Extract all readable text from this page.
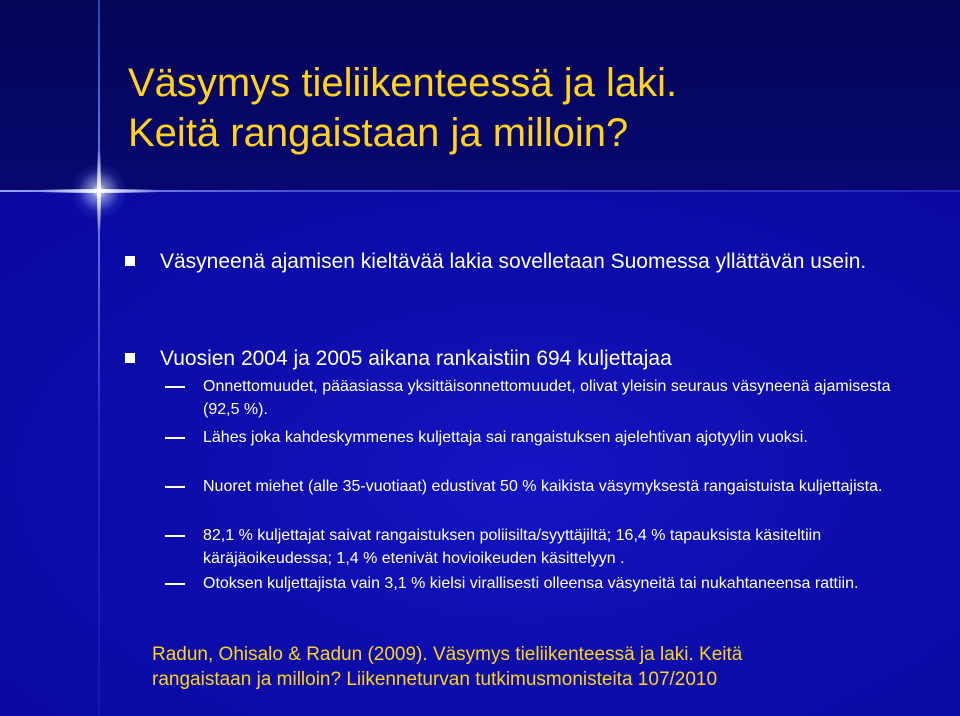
Väsymys tieliikenteessä ja laki.
Keitä rangaistaan ja milloin?
Väsyneenä ajamisen kieltävää lakia sovelletaan Suomessa yllättävän usein.
Vuosien 2004 ja 2005 aikana rankaistiin 694 kuljettajaa
Onnettomuudet, pääasiassa yksittäisonnettomuudet, olivat yleisin seuraus väsyneenä ajamisesta (92,5 %).
Lähes joka kahdeskymmenes kuljettaja sai rangaistuksen ajelehtivan ajotyylin vuoksi.
Nuoret miehet (alle 35-vuotiaat) edustivat 50 % kaikista väsymyksestä rangaistuista kuljettajista.
82,1 % kuljettajat saivat rangaistuksen poliisilta/syyttäjiltä; 16,4 % tapauksista käsiteltiin käräjäoikeudessa; 1,4 % etenivät hovioikeuden käsittelyyn .
Otoksen kuljettajista vain 3,1 % kielsi virallisesti olleensa väsyneitä tai nukahtaneensa rattiin.
Radun, Ohisalo & Radun (2009). Väsymys tieliikenteessä ja laki. Keitä
rangaistaan ja milloin? Liikenneturvan tutkimusmonisteita 107/2010
